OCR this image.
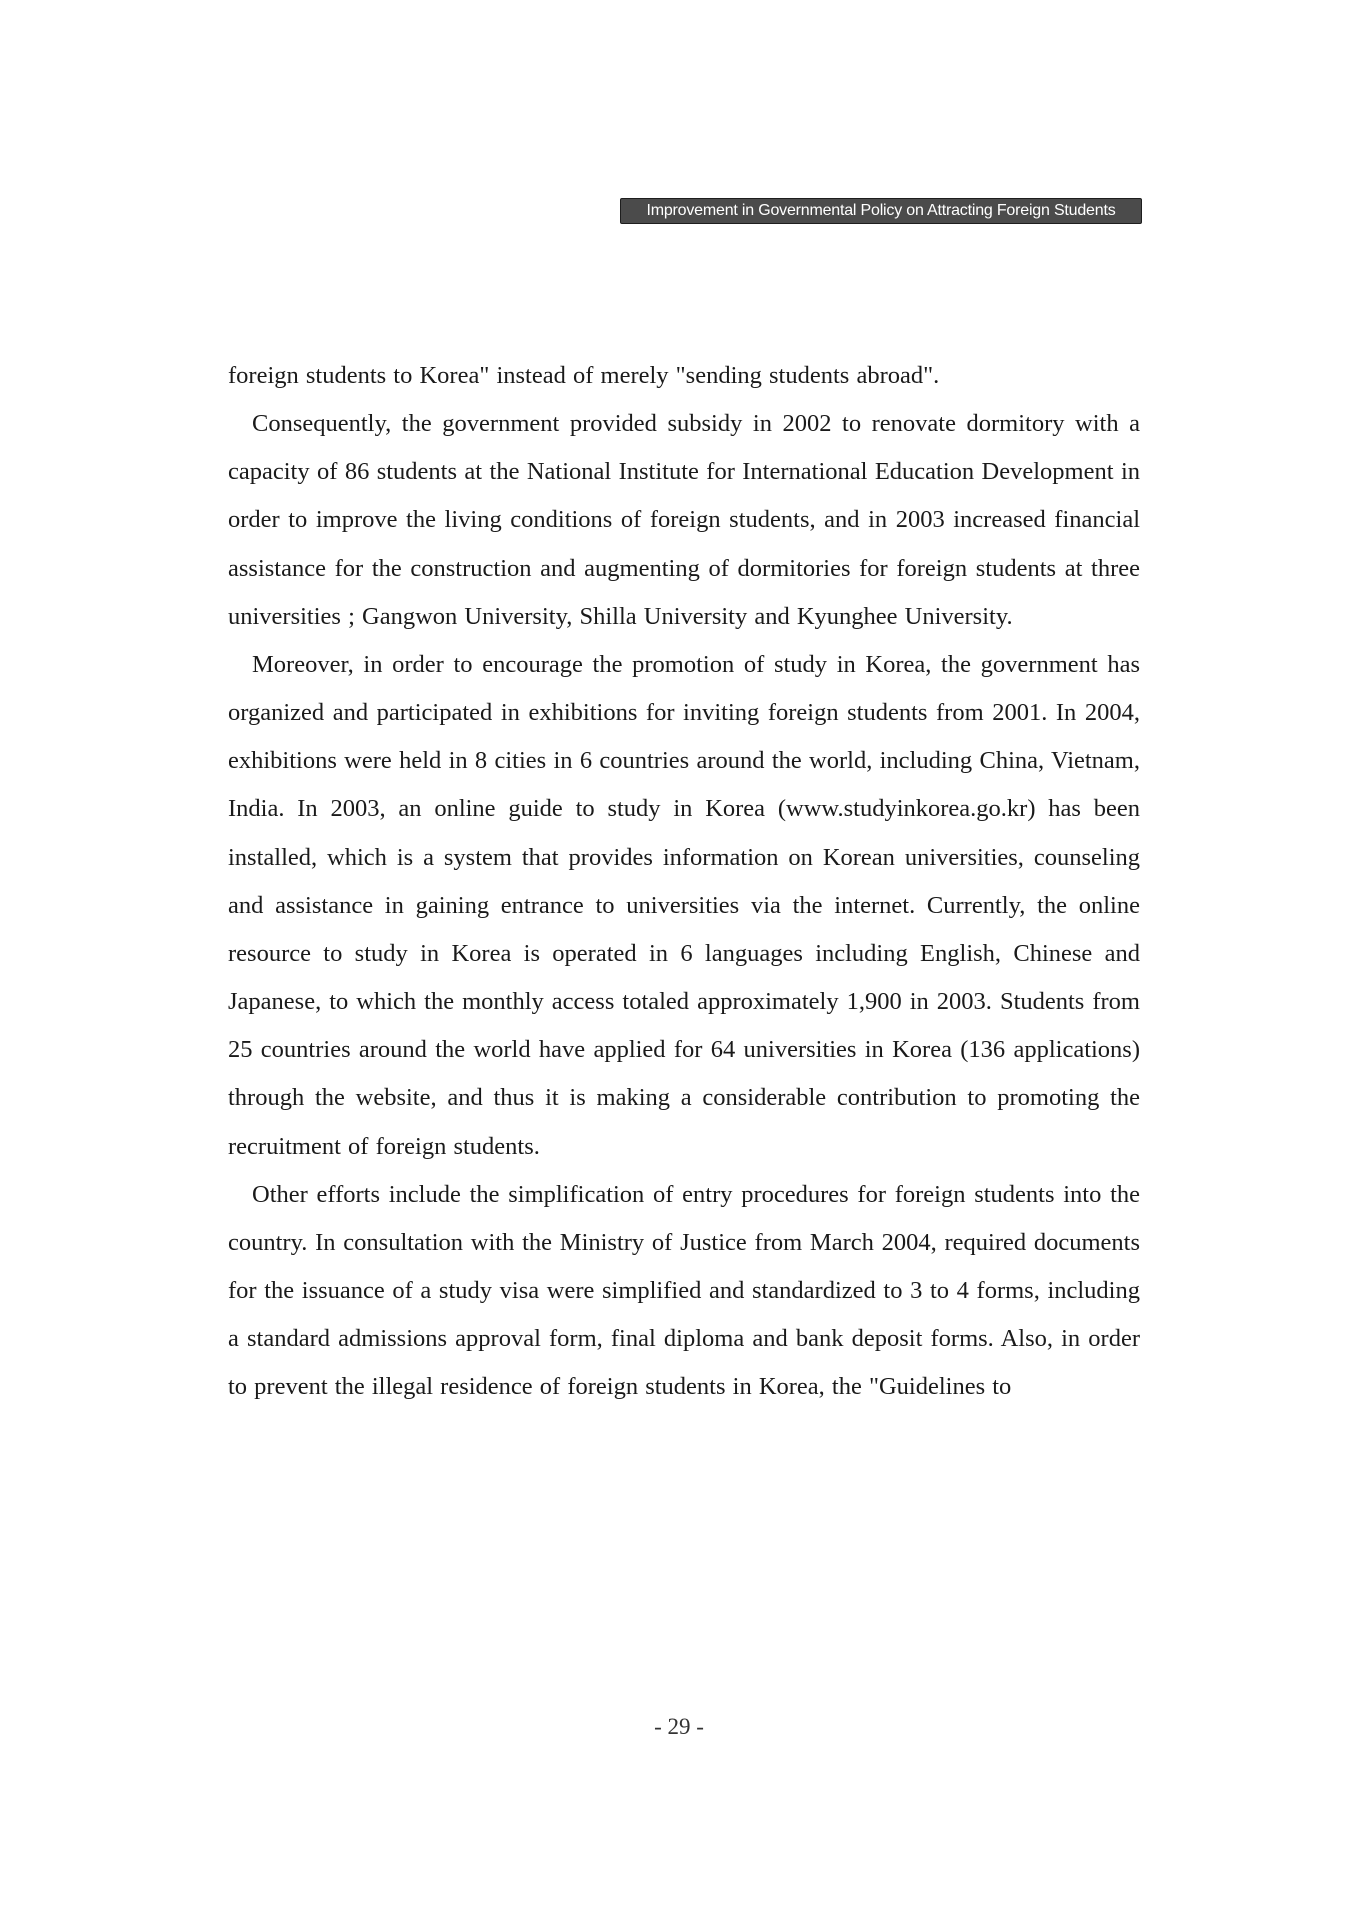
Improvement in Governmental Policy on Attracting Foreign Students

foreign students to Korea" instead of merely "sending students abroad".

Consequently, the government provided subsidy in 2002 to renovate dormitory with a capacity of 86 students at the National Institute for International Education Development in order to improve the living conditions of foreign students, and in 2003 increased financial assistance for the construction and augmenting of dormitories for foreign students at three universities ; Gangwon University, Shilla University and Kyunghee University.

Moreover, in order to encourage the promotion of study in Korea, the government has organized and participated in exhibitions for inviting foreign students from 2001. In 2004, exhibitions were held in 8 cities in 6 countries around the world, including China, Vietnam, India. In 2003, an online guide to study in Korea (www.studyinkorea.go.kr) has been installed, which is a system that provides information on Korean universities, counseling and assistance in gaining entrance to universities via the internet. Currently, the online resource to study in Korea is operated in 6 languages including English, Chinese and Japanese, to which the monthly access totaled approximately 1,900 in 2003. Students from 25 countries around the world have applied for 64 universities in Korea (136 applications) through the website, and thus it is making a considerable contribution to promoting the recruitment of foreign students.

Other efforts include the simplification of entry procedures for foreign students into the country. In consultation with the Ministry of Justice from March 2004, required documents for the issuance of a study visa were simplified and standardized to 3 to 4 forms, including a standard admissions approval form, final diploma and bank deposit forms. Also, in order to prevent the illegal residence of foreign students in Korea, the "Guidelines to

- 29 -
